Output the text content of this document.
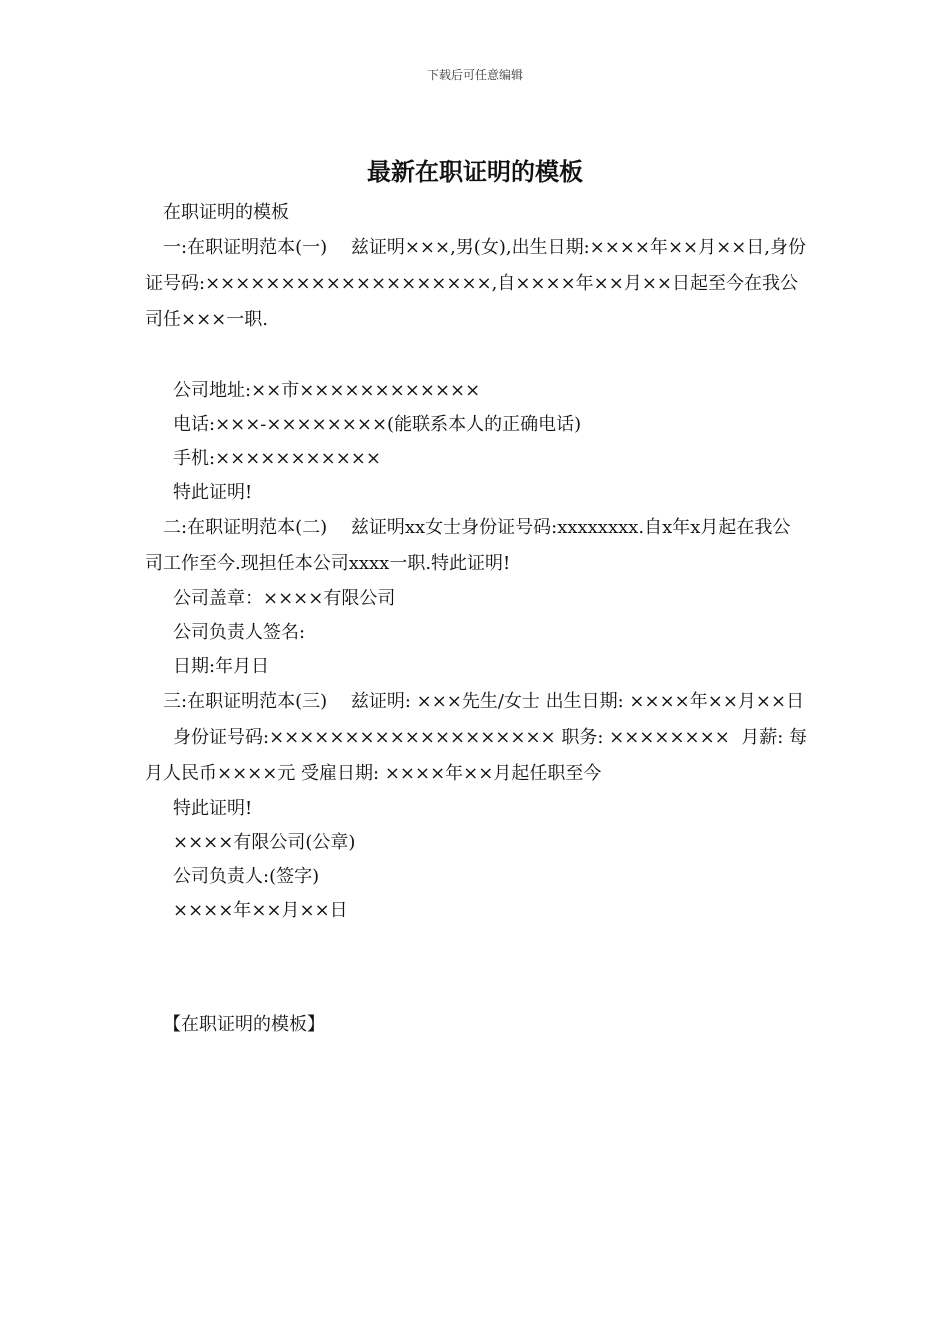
下载后可任意编辑
最新在职证明的模板

在职证明的模板

一:在职证明范本(一)　 兹证明×××,男(女),出生日期:××××年××月××日,身份证号码:×××××××××××××××××××,自××××年××月××日起至今在我公司任×××一职.

公司地址:××市××××××××××××

电话:×××-××××××××(能联系本人的正确电话)

手机:×××××××××××

特此证明!

二:在职证明范本(二)　 兹证明xx女士身份证号码:xxxxxxxx.自x年x月起在我公司工作至今.现担任本公司xxxx一职.特此证明!

公司盖章：××××有限公司

公司负责人签名:

日期:年月日

三:在职证明范本(三)　 兹证明: ×××先生/女士 出生日期: ××××年××月××日

身份证号码:××××××××××××××××××× 职务: ××××××××  月薪: 每月人民币××××元 受雇日期: ××××年××月起任职至今

特此证明!

××××有限公司(公章)

公司负责人:(签字)

××××年××月××日

【在职证明的模板】
